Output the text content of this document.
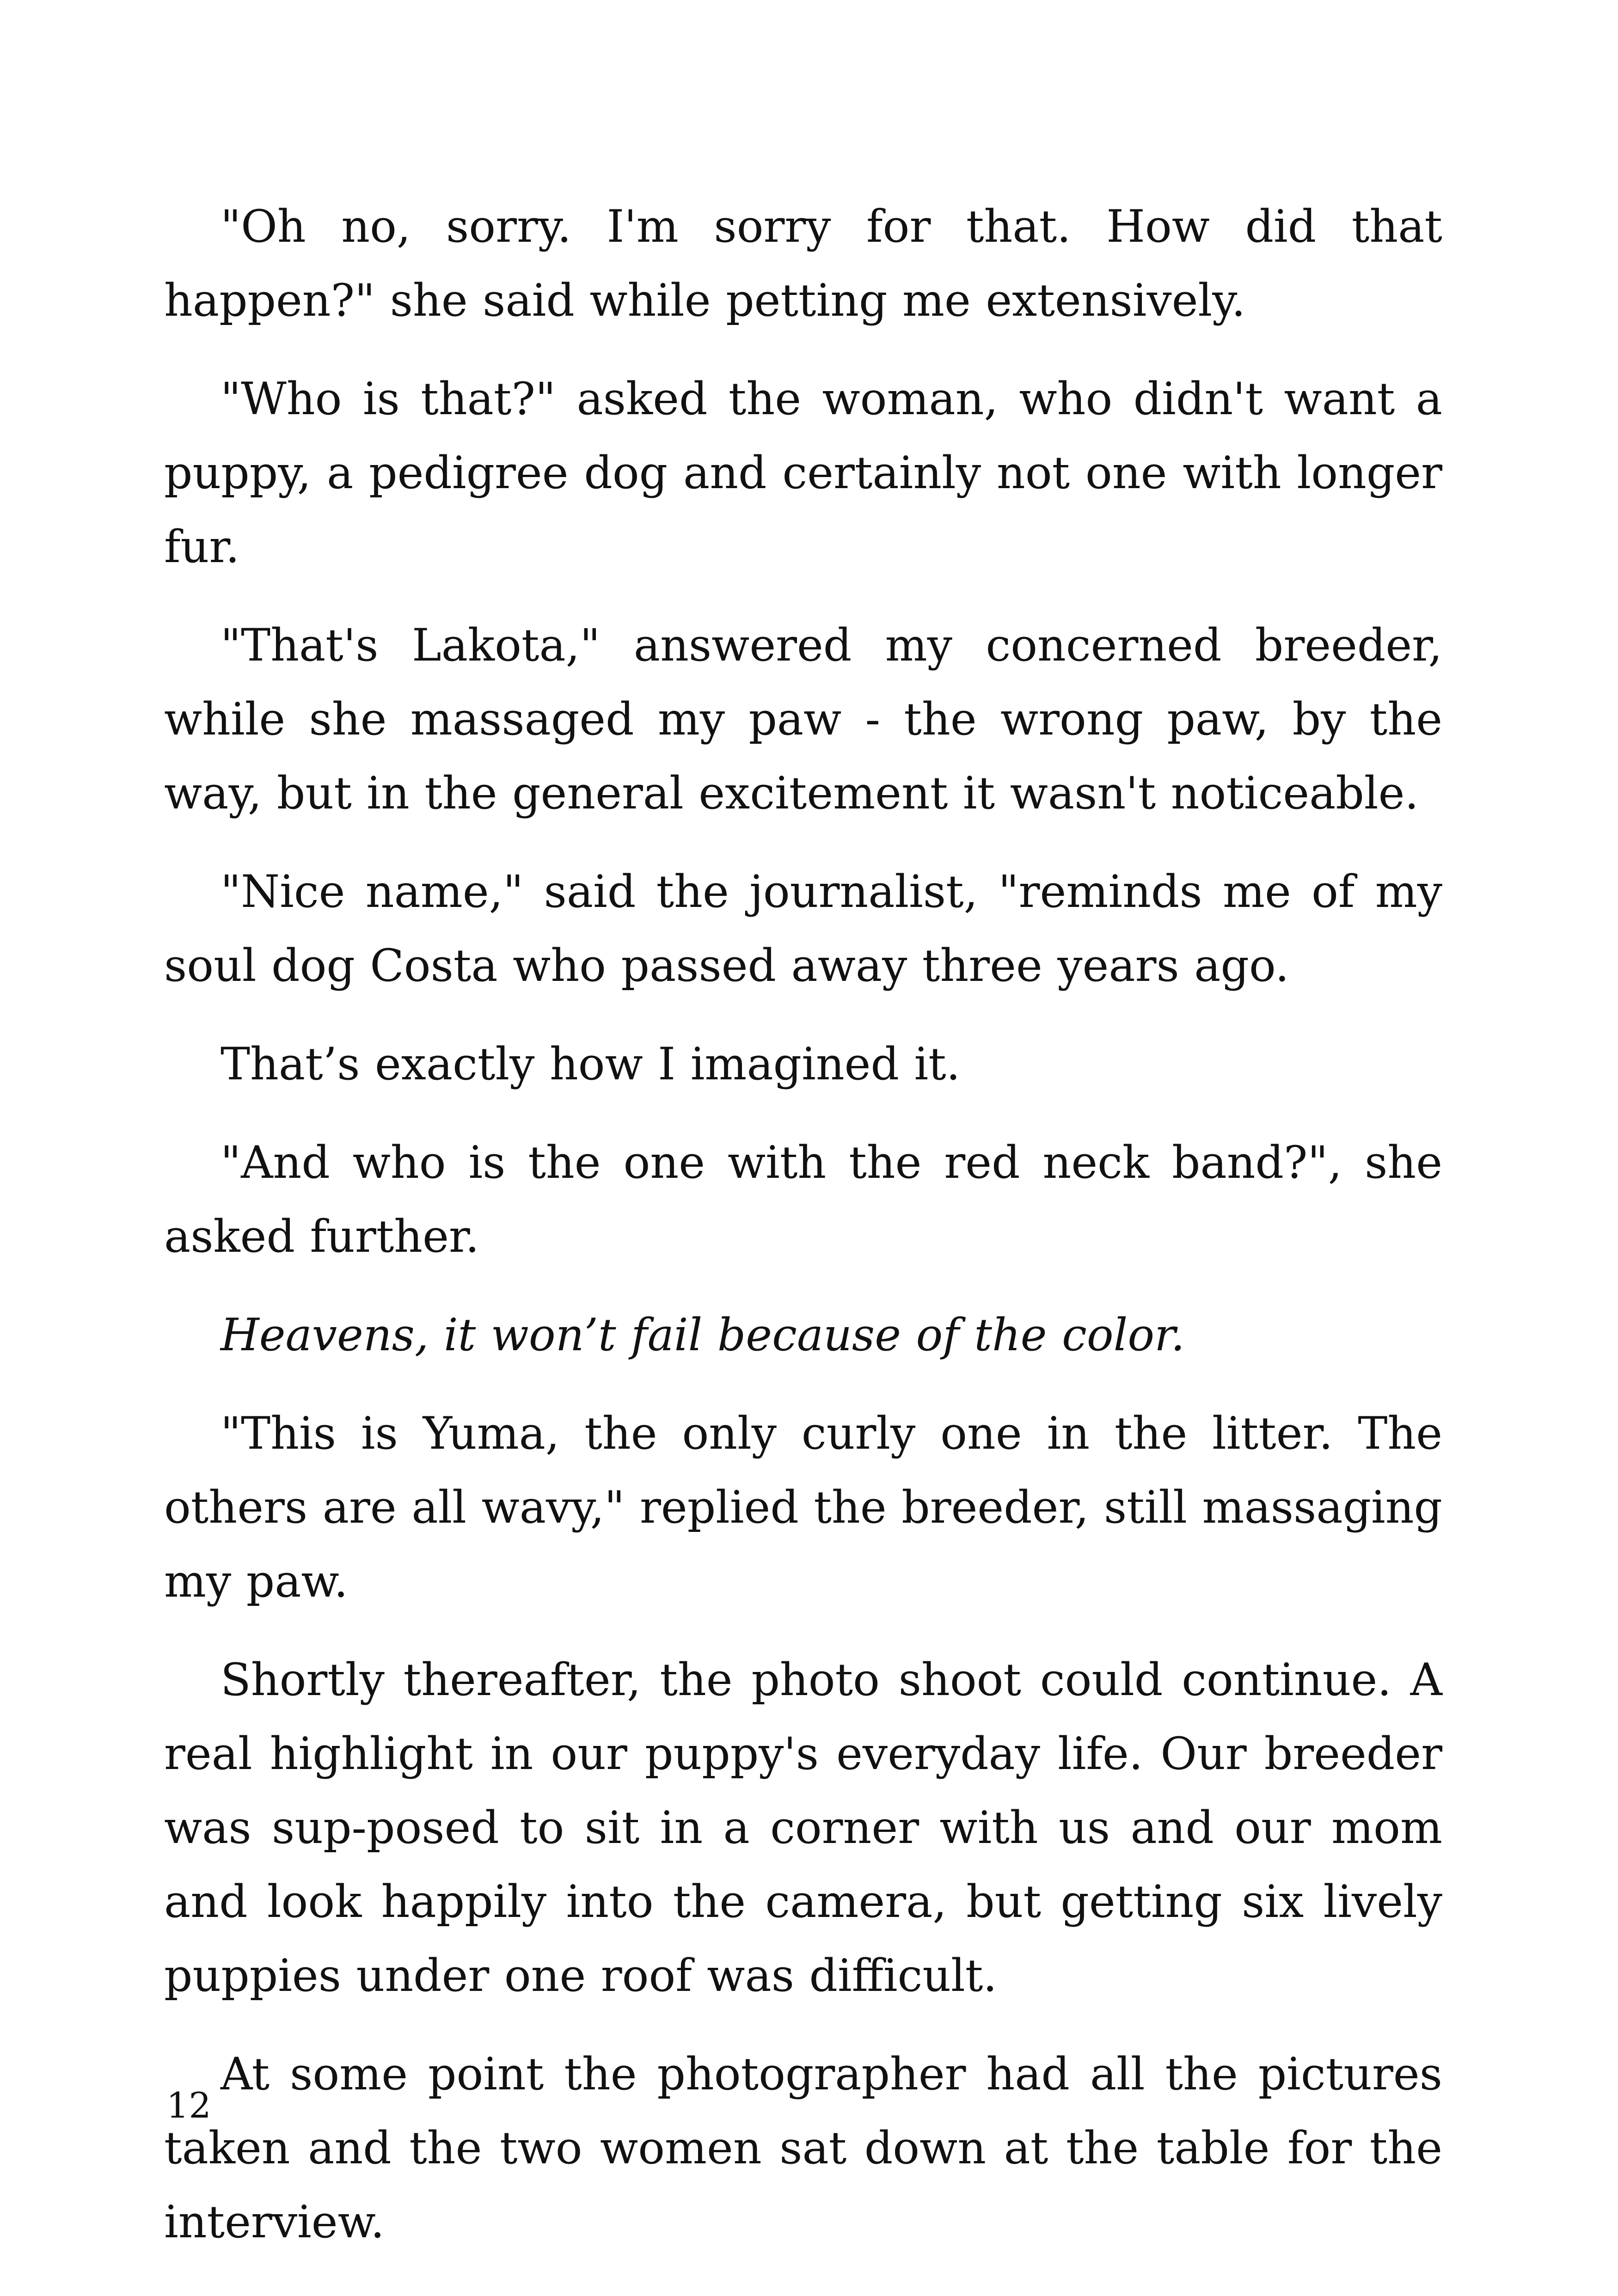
"Oh no, sorry. I'm sorry for that. How did that happen?" she said while petting me extensively.

"Who is that?" asked the woman, who didn't want a puppy, a pedigree dog and certainly not one with longer fur.

"That's Lakota," answered my concerned breeder, while she massaged my paw - the wrong paw, by the way, but in the general excitement it wasn't noticeable.

"Nice name," said the journalist, "reminds me of my soul dog Costa who passed away three years ago.

That’s exactly how I imagined it.

"And who is the one with the red neck band?", she asked further.

Heavens, it won’t fail because of the color.

"This is Yuma, the only curly one in the litter. The others are all wavy," replied the breeder, still massaging my paw.

Shortly thereafter, the photo shoot could continue. A real highlight in our puppy's everyday life. Our breeder was sup-posed to sit in a corner with us and our mom and look happily into the camera, but getting six lively puppies under one roof was difficult.

At some point the photographer had all the pictures taken and the two women sat down at the table for the interview.

12
